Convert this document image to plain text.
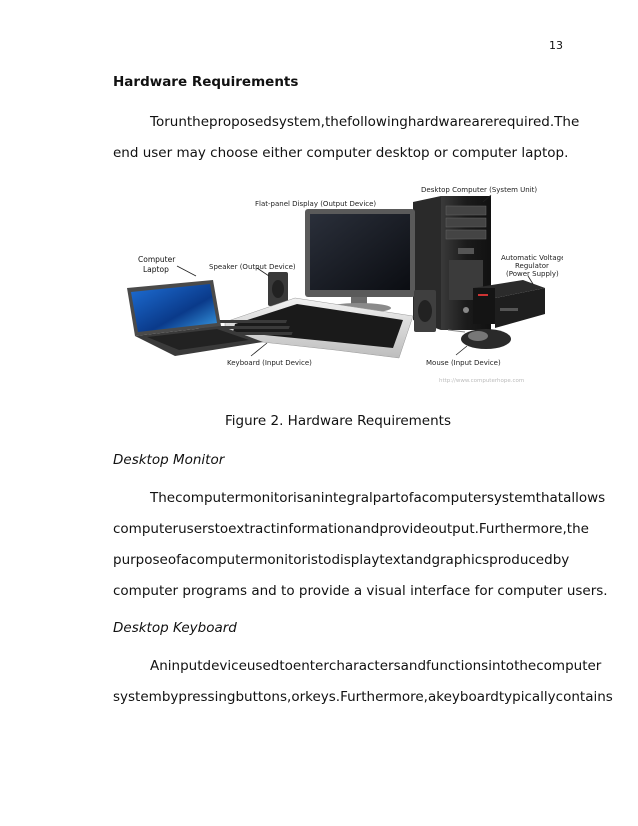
13
Hardware Requirements
To run the proposed system, the following hardware are required. The
end user may choose either computer desktop or computer laptop.
Desktop Computer (System Unit)
Flat-panel Display (Output Device)
Computer
Laptop	Speaker (Output Device)
Automatic Voltage
Regulator
(Power Supply)
Keyboard (Input Device)	Mouse (Input Device)
http://www.computerhope.com
Figure 2. Hardware Requirements
Desktop Monitor
The computer monitor is an integral part of a computer system that allows
computer users to extract information and provide output. Furthermore, the
purpose of a computer monitor is to display text and graphics produced by
computer programs and to provide a visual interface for computer users.
Desktop Keyboard
An input device used to enter characters and functions into the computer
system by pressing buttons, or keys. Furthermore, a keyboard typically contains
